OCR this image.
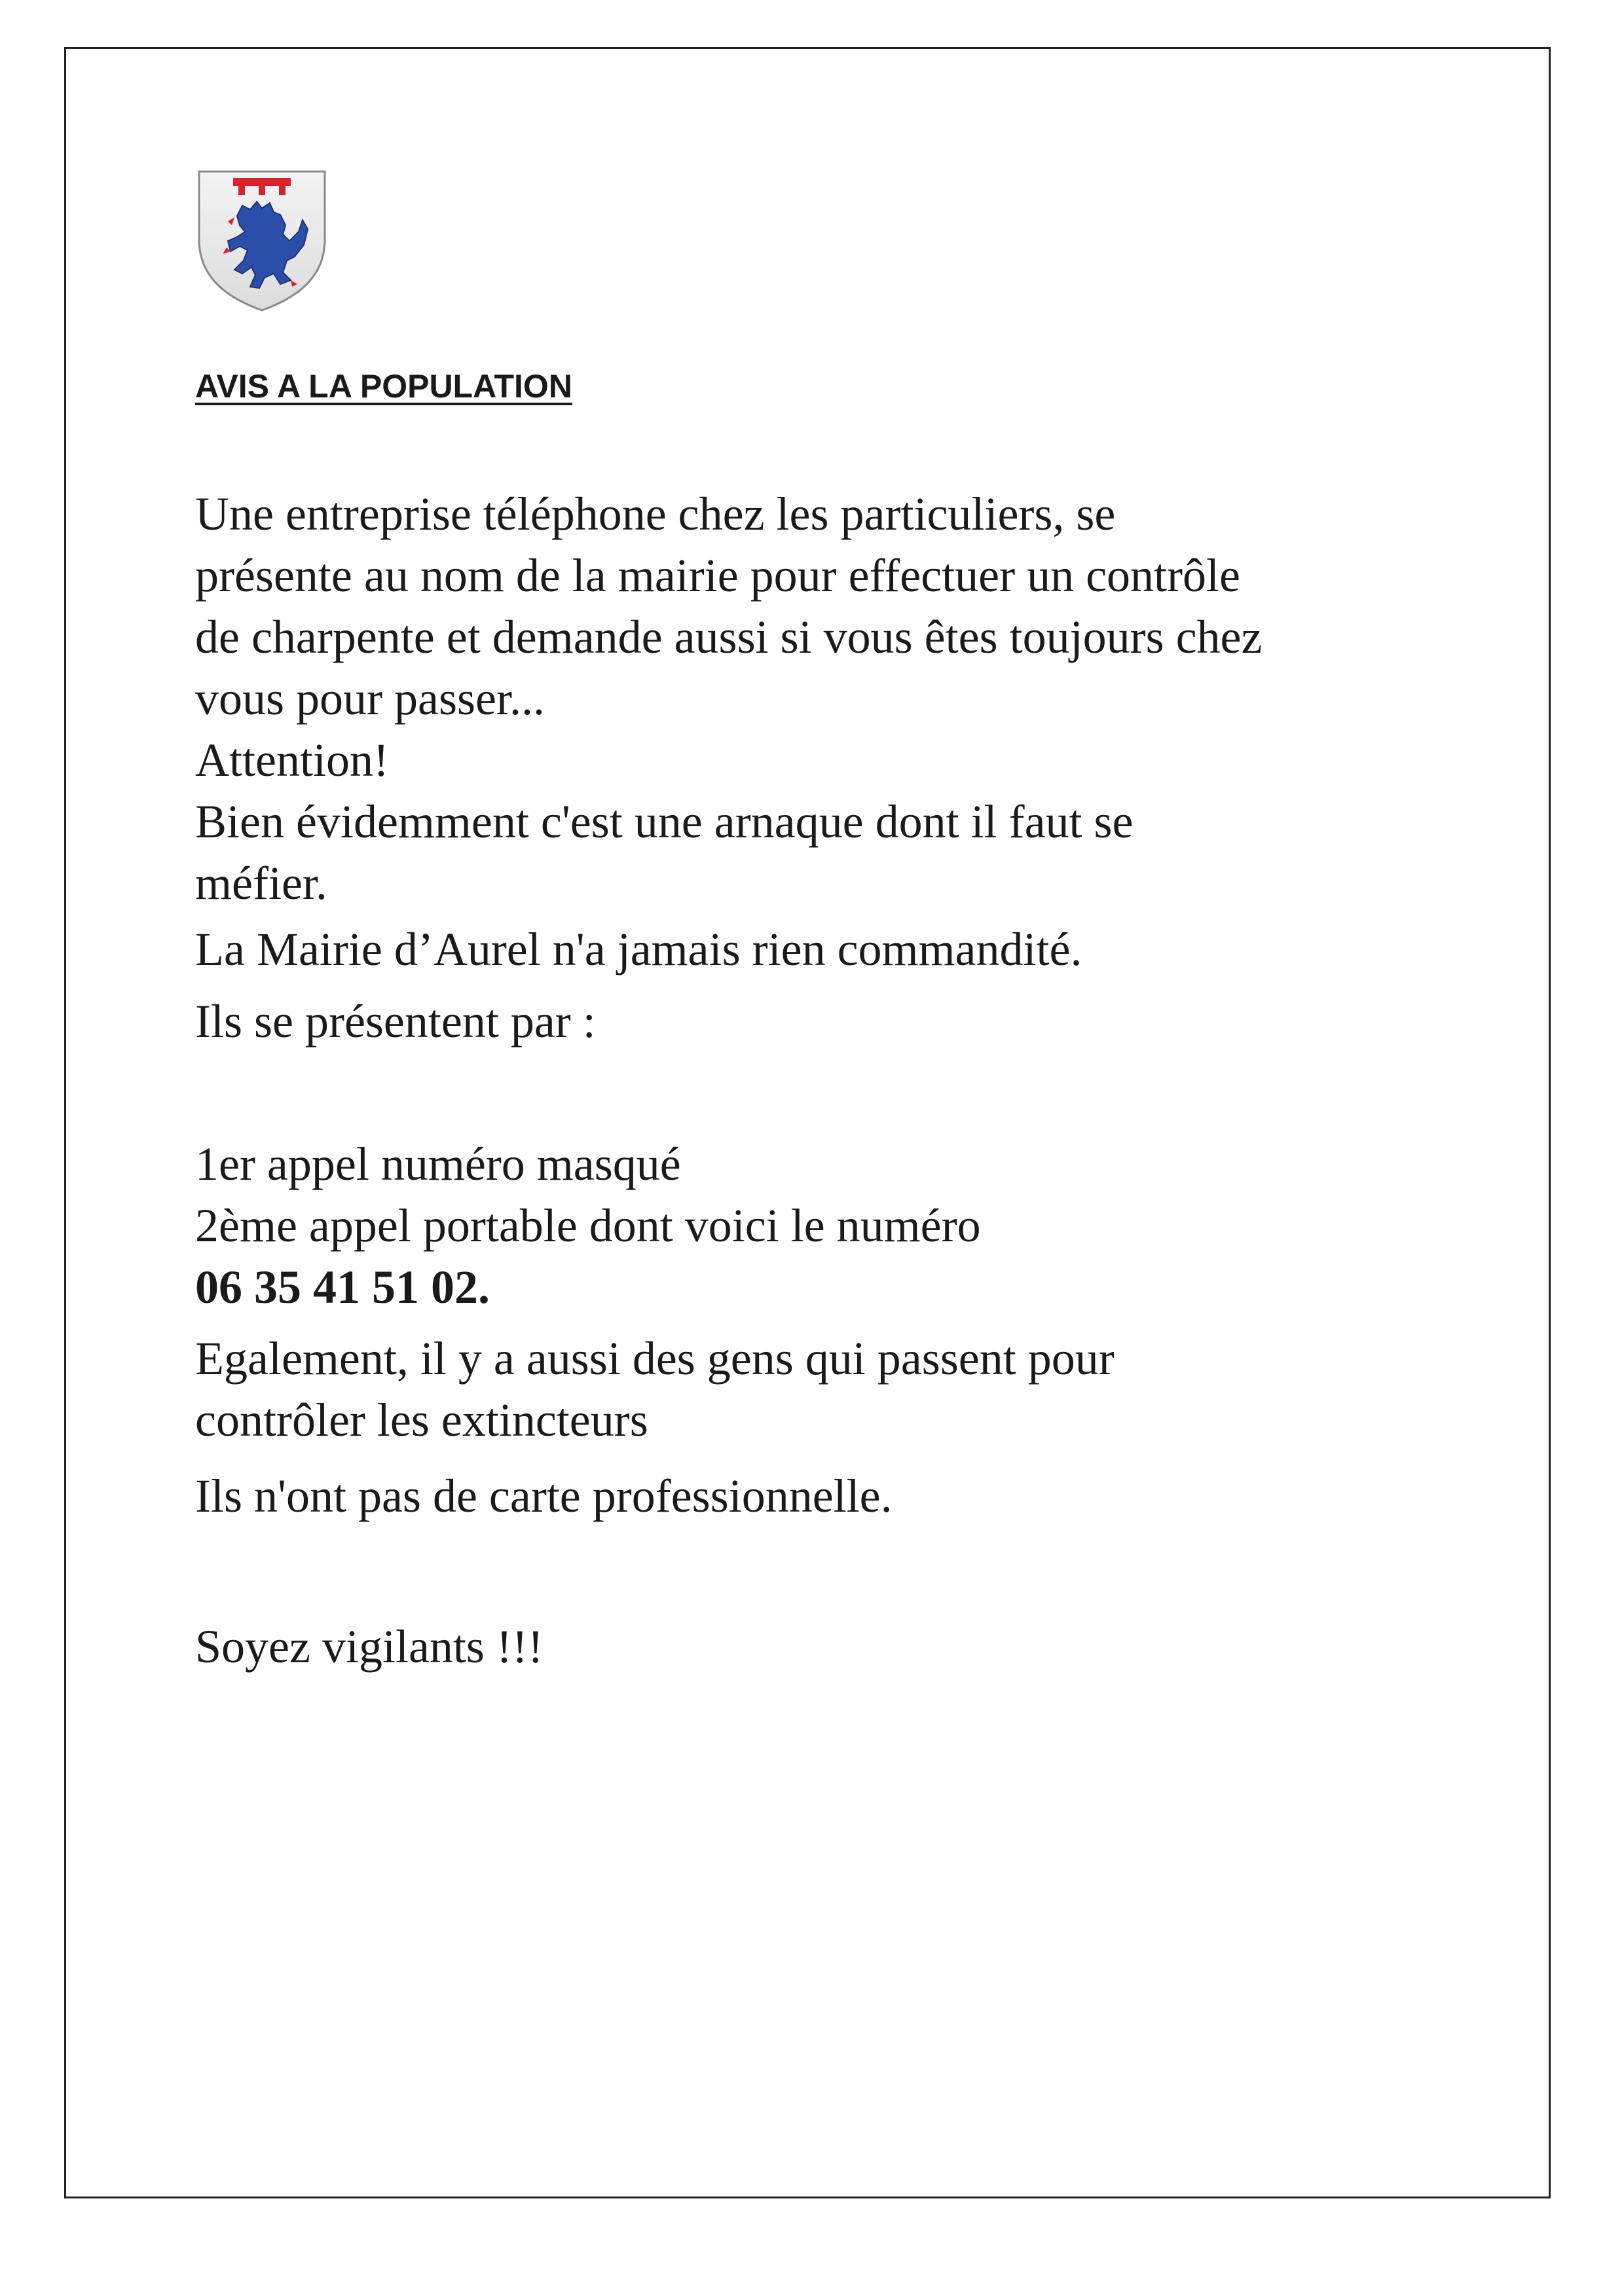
AVIS A LA POPULATION

Une entreprise téléphone chez les particuliers, se

présente au nom de la mairie pour effectuer un contrôle

de charpente et demande aussi si vous êtes toujours chez

vous pour passer...

Attention!

Bien évidemment c'est une arnaque dont il faut se

méfier.

La Mairie d’Aurel n'a jamais rien commandité.

Ils se présentent par :

1er appel numéro masqué

2ème appel portable dont voici le numéro

06 35 41 51 02.

Egalement, il y a aussi des gens qui passent pour

contrôler les extincteurs

Ils n'ont pas de carte professionnelle.

Soyez vigilants !!!
